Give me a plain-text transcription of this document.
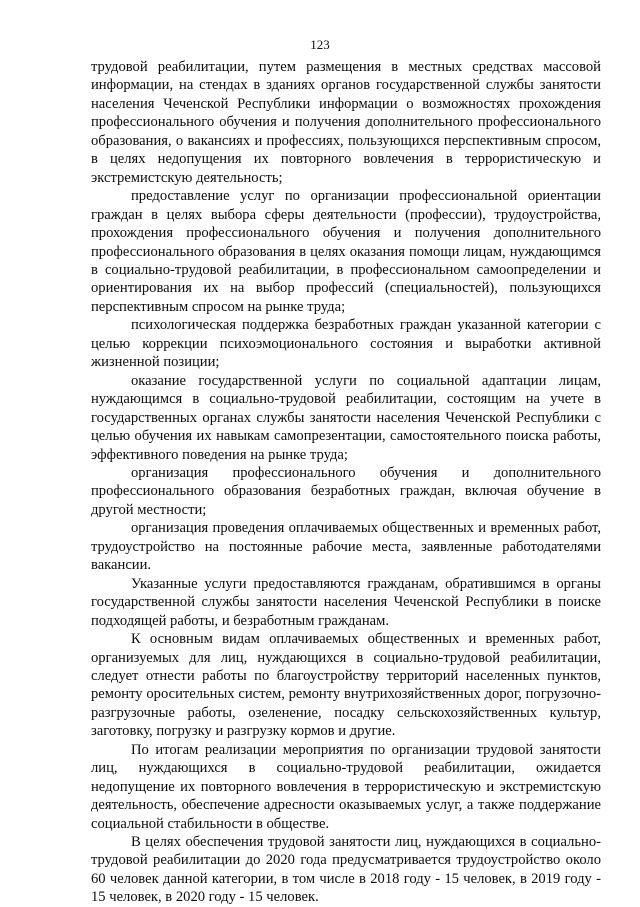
123

трудовой реабилитации, путем размещения в местных средствах массовой информации, на стендах в зданиях органов государственной службы занятости населения Чеченской Республики информации о возможностях прохождения профессионального обучения и получения дополнительного профессионального образования, о вакансиях и профессиях, пользующихся перспективным спросом, в целях недопущения их повторного вовлечения в террористическую и экстремистскую деятельность;

предоставление услуг по организации профессиональной ориентации граждан в целях выбора сферы деятельности (профессии), трудоустройства, прохождения профессионального обучения и получения дополнительного профессионального образования в целях оказания помощи лицам, нуждающимся в социально-трудовой реабилитации, в профессиональном самоопределении и ориентирования их на выбор профессий (специальностей), пользующихся перспективным спросом на рынке труда;

психологическая поддержка безработных граждан указанной категории с целью коррекции психоэмоционального состояния и выработки активной жизненной позиции;

оказание государственной услуги по социальной адаптации лицам, нуждающимся в социально-трудовой реабилитации, состоящим на учете в государственных органах службы занятости населения Чеченской Республики с целью обучения их навыкам самопрезентации, самостоятельного поиска работы, эффективного поведения на рынке труда;

организация профессионального обучения и дополнительного профессионального образования безработных граждан, включая обучение в другой местности;

организация проведения оплачиваемых общественных и временных работ, трудоустройство на постоянные рабочие места, заявленные работодателями вакансии.

Указанные услуги предоставляются гражданам, обратившимся в органы государственной службы занятости населения Чеченской Республики в поиске подходящей работы, и безработным гражданам.

К основным видам оплачиваемых общественных и временных работ, организуемых для лиц, нуждающихся в социально-трудовой реабилитации, следует отнести работы по благоустройству территорий населенных пунктов, ремонту оросительных систем, ремонту внутрихозяйственных дорог, погрузочно-разгрузочные работы, озеленение, посадку сельскохозяйственных культур, заготовку, погрузку и разгрузку кормов и другие.

По итогам реализации мероприятия по организации трудовой занятости лиц, нуждающихся в социально-трудовой реабилитации, ожидается недопущение их повторного вовлечения в террористическую и экстремистскую деятельность, обеспечение адресности оказываемых услуг, а также поддержание социальной стабильности в обществе.

В целях обеспечения трудовой занятости лиц, нуждающихся в социально-трудовой реабилитации до 2020 года предусматривается трудоустройство около 60 человек данной категории, в том числе в 2018 году - 15 человек, в 2019 году - 15 человек, в 2020 году - 15 человек.
